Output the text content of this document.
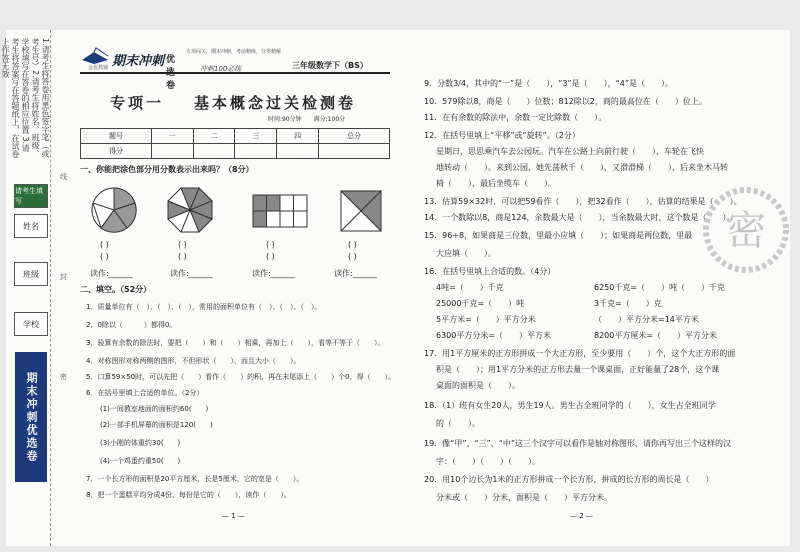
1.请考生将答卷用黑色签字笔（或考生号）2.请考生将姓名、班级、学校填写在答卷的相应位置 3.请考生将答案写在答题纸上，在试卷上作答无效
请考生填写
姓名
班级
学校
期末冲刺优选卷
线
封
密
期末冲刺 优选卷
金优教辅
专项闯关，期末冲刺，考前精练，分类精解
冲刺100必练	三年级数学下（BS）
专项一 基本概念过关检测卷
时间:90分钟　　满分:100分
题号	一	二	三	四	总分
得分					
一、你能把涂色部分用分数表示出来吗？（8分）
( )
( )
( )
( )
( )
( )
( )
( )
读作:______	读作:______	读作:______	读作:______
二、填空。（52分）
1．质量单位有（　）、（　）、（　），常用的面积单位有（　）、（　）、（　）。
2．0除以（　　　）都得0。
3．验算有余数的除法时，要把（　　）和（　　）相乘，再加上（　　），看等不等于（　　）。
4．对称图形对称两侧的图形，不但形状（　　），而且大小（　　）。
5．口算59×50时，可以先把（　　）看作（　　）的积，再在末尾添上（　　）个0，得（　　）。
6．在括号里填上合适的单位。（2分）
(1)一间教室地面的面积约60(　　)
(2)一部手机屏幕的面积是120(　　)
(3)小刚的体重约30(　　)
(4)一个鸡蛋约重50(　　)
7．一个长方形的面积是20平方厘米，长是5厘米，它的宽是（　　）。
8．把一个蛋糕平均分成4份，每份是它的（　　），读作（　　）。
— 1 —
9．分数3/4，其中的“一”是（　　），“3”是（　　），“4”是（　　）。
10．579除以8，商是（　　）位数；812除以2，商的最高位在（　　）位上。
11．在有余数的除法中，余数一定比除数（　　）。
12．在括号里填上“平移”或“旋转”。（2分）
星期日，思思乘汽车去公园玩。汽车在公路上向前行驶（　　），车轮在飞快
地转动（　　）。来到公园，她先荡秋千（　　），又滑滑梯（　　），后来坐木马转
椅（　　），最后坐缆车（　　）。
13．估算59×32时，可以把59看作（　　），把32看作（　　），估算的结果是（　　）。
14．一个数除以8，商是124，余数最大是（　　），当余数最大时，这个数是（　　）。
15．96÷8，如果商是三位数，里最小应填（　　）；如果商是两位数，里最
大应填（　　）。
16．在括号里填上合适的数。（4分）
4吨=（　　）千克	6250千克=（　　）吨（　　）千克
25000千克=（　　）吨	3千克=（　　）克
5平方米=（　　）平方分米	（　　）平方分米=14平方米
6300平方分米=（　　）平方米	8200平方厘米=（　　）平方分米
17．用1平方厘米的正方形拼成一个大正方形，至少要用（　　）个，这个大正方形的面
积是（　　）；用1平方分米的正方形去量一个课桌面，正好能量了28个，这个课
桌面的面积是（　　）。
18．（1）班有女生20人，男生19人。男生占全班同学的（　　），女生占全班同学
的（　　）。
19．像“甲”、“三”、“中”这三个汉字可以看作是轴对称图形，请你再写出三个这样的汉
字：（　　）（　　）（　　）。
20．用10个边长为1米的正方形拼成一个长方形，拼成的长方形的周长是（　　）
分米或（　　）分米，面积是（　　）平方分米。
— 2 —
密
